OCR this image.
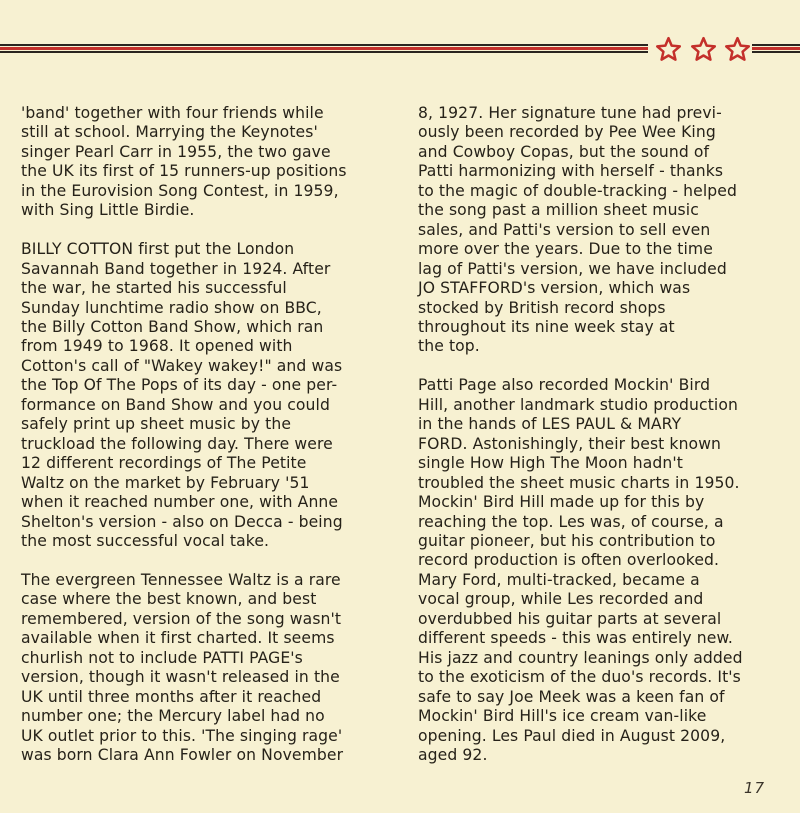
'band' together with four friends while
still at school. Marrying the Keynotes'
singer Pearl Carr in 1955, the two gave
the UK its first of 15 runners-up positions
in the Eurovision Song Contest, in 1959,
with Sing Little Birdie.
BILLY COTTON first put the London
Savannah Band together in 1924. After
the war, he started his successful
Sunday lunchtime radio show on BBC,
the Billy Cotton Band Show, which ran
from 1949 to 1968. It opened with
Cotton's call of "Wakey wakey!" and was
the Top Of The Pops of its day - one per-
formance on Band Show and you could
safely print up sheet music by the
truckload the following day. There were
12 different recordings of The Petite
Waltz on the market by February '51
when it reached number one, with Anne
Shelton's version - also on Decca - being
the most successful vocal take.
The evergreen Tennessee Waltz is a rare
case where the best known, and best
remembered, version of the song wasn't
available when it first charted. It seems
churlish not to include PATTI PAGE's
version, though it wasn't released in the
UK until three months after it reached
number one; the Mercury label had no
UK outlet prior to this. 'The singing rage'
was born Clara Ann Fowler on November
8, 1927. Her signature tune had previ-
ously been recorded by Pee Wee King
and Cowboy Copas, but the sound of
Patti harmonizing with herself - thanks
to the magic of double-tracking - helped
the song past a million sheet music
sales, and Patti's version to sell even
more over the years. Due to the time
lag of Patti's version, we have included
JO STAFFORD's version, which was
stocked by British record shops
throughout its nine week stay at
the top.
Patti Page also recorded Mockin' Bird
Hill, another landmark studio production
in the hands of LES PAUL & MARY
FORD. Astonishingly, their best known
single How High The Moon hadn't
troubled the sheet music charts in 1950.
Mockin' Bird Hill made up for this by
reaching the top. Les was, of course, a
guitar pioneer, but his contribution to
record production is often overlooked.
Mary Ford, multi-tracked, became a
vocal group, while Les recorded and
overdubbed his guitar parts at several
different speeds - this was entirely new.
His jazz and country leanings only added
to the exoticism of the duo's records. It's
safe to say Joe Meek was a keen fan of
Mockin' Bird Hill's ice cream van-like
opening. Les Paul died in August 2009,
aged 92.
17
